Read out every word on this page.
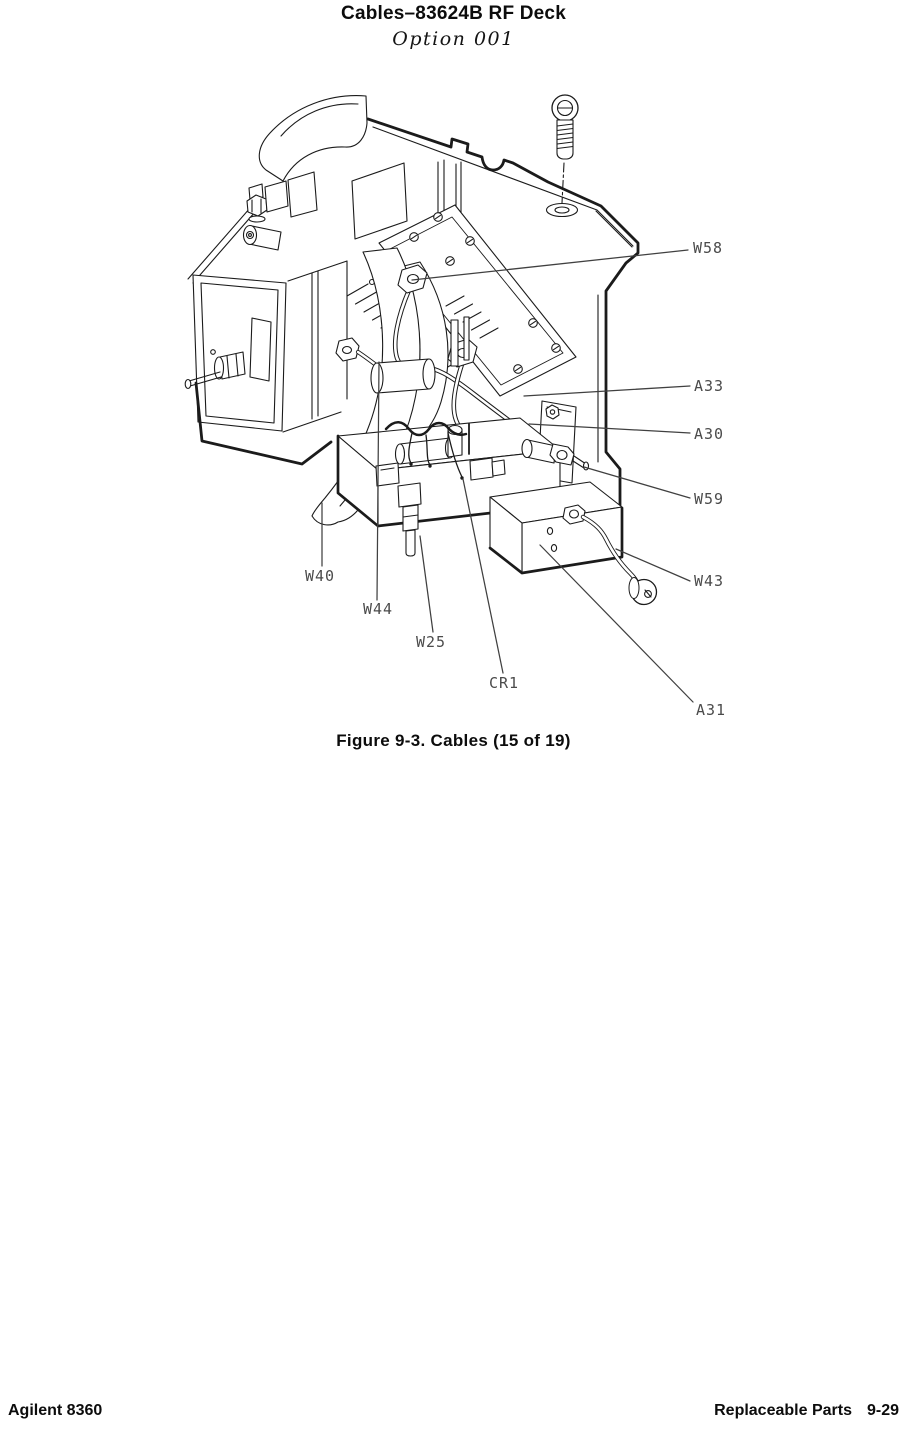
Cables–83624B RF Deck
Option 001
W58
A33
A30
W59
W43
W40
W44
W25
CR1
A31
Figure 9-3. Cables (15 of 19)
Agilent 8360	Replaceable Parts 9-29
